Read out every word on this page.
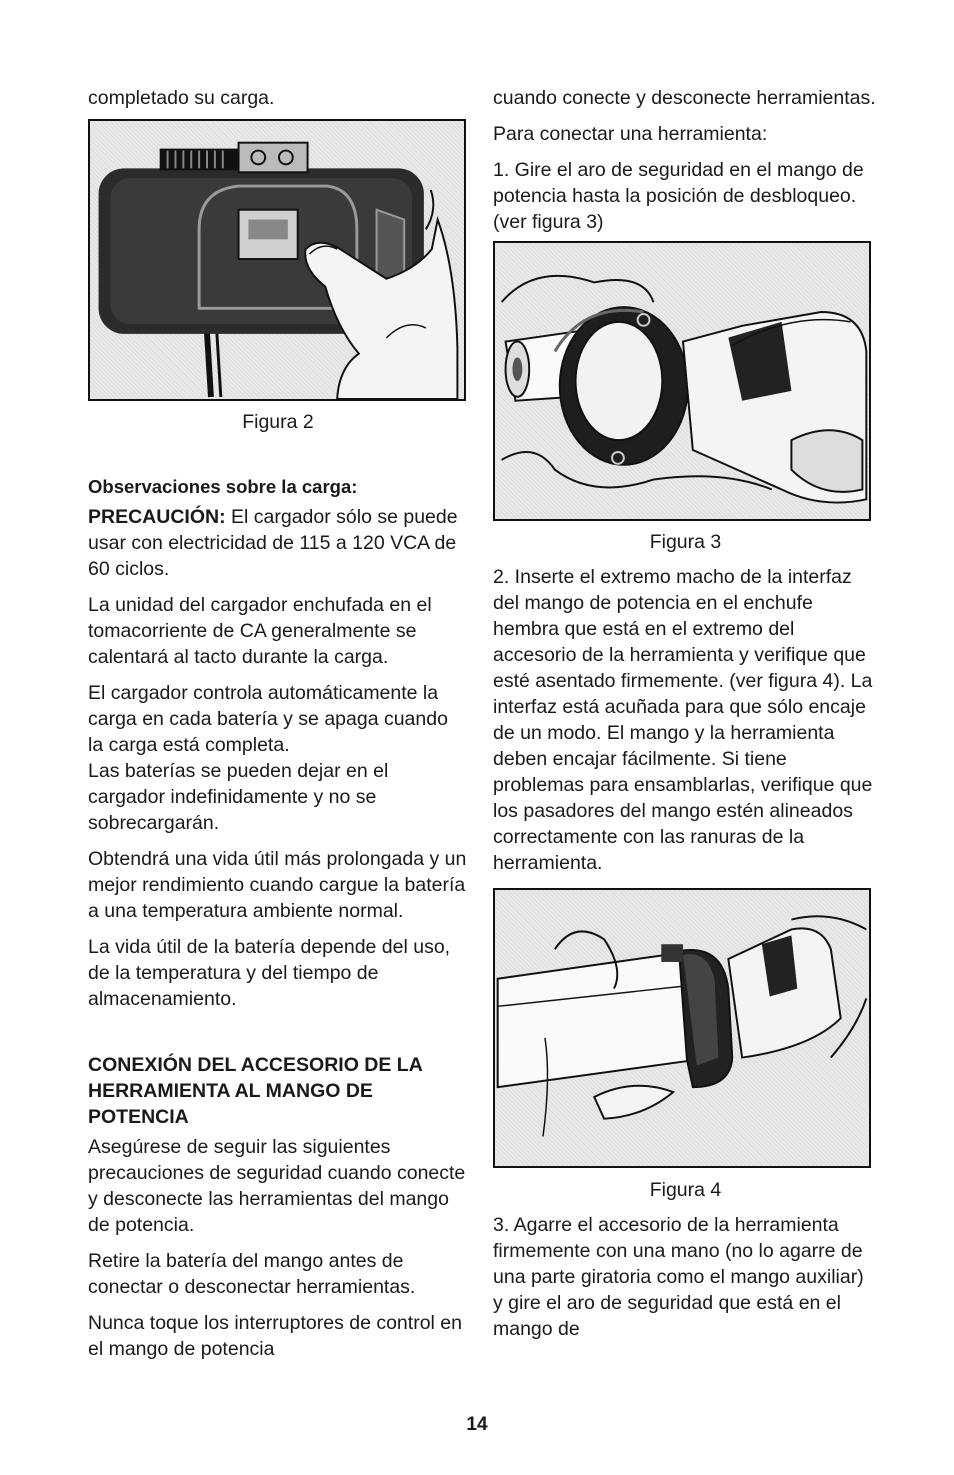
completado su carga.

Figura 2

Observaciones sobre la carga:

PRECAUCIÓN: El cargador sólo se puede usar con electricidad de 115 a 120 VCA de 60 ciclos.

La unidad del cargador enchufada en el tomacorriente de CA generalmente se calentará al tacto durante la carga.

El cargador controla automáticamente la carga en cada batería y se apaga cuando la carga está completa.

Las baterías se pueden dejar en el cargador indefinidamente y no se sobrecargarán.

Obtendrá una vida útil más prolongada y un mejor rendimiento cuando cargue la batería a una temperatura ambiente normal.

La vida útil de la batería depende del uso, de la temperatura y del tiempo de almacenamiento.

CONEXIÓN DEL ACCESORIO DE LA HERRAMIENTA AL MANGO DE POTENCIA

Asegúrese de seguir las siguientes precauciones de seguridad cuando conecte y desconecte las herramientas del mango de potencia.

Retire la batería del mango antes de conectar o desconectar herramientas.

Nunca toque los interruptores de control en el mango de potencia

cuando conecte y desconecte herramientas.

Para conectar una herramienta:

1. Gire el aro de seguridad en el mango de potencia hasta la posición de desbloqueo. (ver figura 3)

Figura 3

2. Inserte el extremo macho de la interfaz del mango de potencia en el enchufe hembra que está en el extremo del accesorio de la herramienta y verifique que esté asentado firmemente. (ver figura 4). La interfaz está acuñada para que sólo encaje de un modo. El mango y la herramienta deben encajar fácilmente. Si tiene problemas para ensamblarlas, verifique que los pasadores del mango estén alineados correctamente con las ranuras de la herramienta.

Figura 4

3. Agarre el accesorio de la herramienta firmemente con una mano (no lo agarre de una parte giratoria como el mango auxiliar) y gire el aro de seguridad que está en el mango de

14
